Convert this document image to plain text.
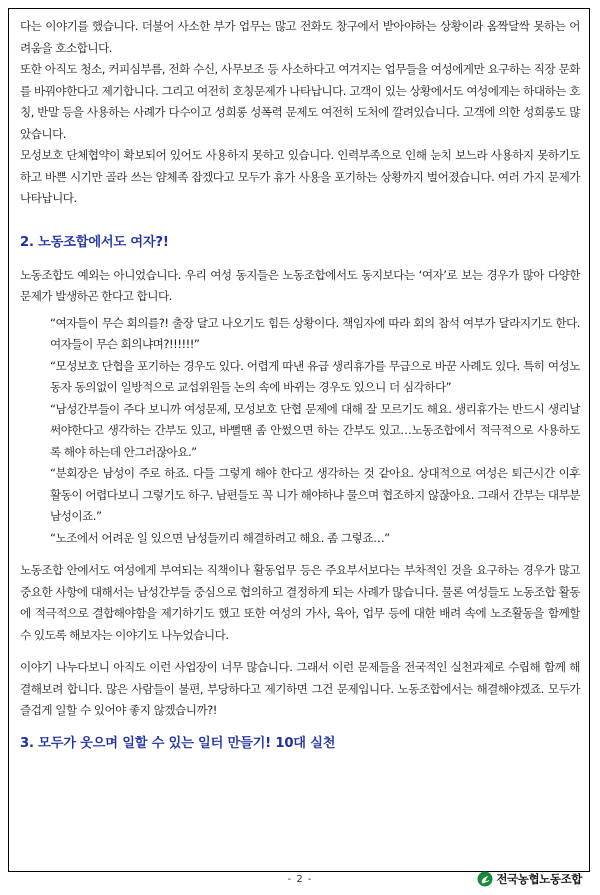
다는 이야기를 했습니다. 더불어 사소한 부가 업무는 많고 전화도 창구에서 받아야하는 상황이라 옴짝달싹 못하는 어려움을 호소합니다.

또한 아직도 청소, 커피심부름, 전화 수신, 사무보조 등 사소하다고 여겨지는 업무들을 여성에게만 요구하는 직장 문화를 바꿔야한다고 제기합니다. 그리고 여전히 호칭문제가 나타납니다. 고객이 있는 상황에서도 여성에게는 하대하는 호칭, 반말 등을 사용하는 사례가 다수이고 성희롱 성폭력 문제도 여전히 도처에 깔려있습니다. 고객에 의한 성희롱도 많았습니다.

모성보호 단체협약이 확보되어 있어도 사용하지 못하고 있습니다. 인력부족으로 인해 눈치 보느라 사용하지 못하기도 하고 바쁜 시기만 골라 쓰는 얌체족 잡겠다고 모두가 휴가 사용을 포기하는 상황까지 벌어졌습니다. 여러 가지 문제가 나타납니다.

2. 노동조합에서도 여자?!

노동조합도 예외는 아니었습니다. 우리 여성 동지들은 노동조합에서도 동지보다는 ‘여자’로 보는 경우가 많아 다양한 문제가 발생하곤 한다고 합니다.

“여자들이 무슨 회의를?! 출장 달고 나오기도 힘든 상황이다. 책임자에 따라 회의 참석 여부가 달라지기도 한다. 여자들이 무슨 회의냐며?!!!!!!”

“모성보호 단협을 포기하는 경우도 있다. 어렵게 따낸 유급 생리휴가를 무급으로 바꾼 사례도 있다. 특히 여성노동자 동의없이 일방적으로 교섭위원들 논의 속에 바뀌는 경우도 있으니 더 심각하다”

“남성간부들이 주다 보니까 여성문제, 모성보호 단협 문제에 대해 잘 모르기도 해요. 생리휴가는 반드시 생리날 써야한다고 생각하는 간부도 있고, 바뻘땐 좀 안썼으면 하는 간부도 있고…노동조합에서 적극적으로 사용하도록 해야 하는데 안그러잖아요.”

“분회장은 남성이 주로 하죠. 다들 그렇게 해야 한다고 생각하는 것 같아요. 상대적으로 여성은 퇴근시간 이후 활동이 어렵다보니 그렇기도 하구. 남편들도 꼭 니가 해야하냐 물으며 협조하지 않잖아요. 그래서 간부는 대부분 남성이죠.”

“노조에서 어려운 일 있으면 남성들끼리 해결하려고 해요. 좀 그렇죠…”

노동조합 안에서도 여성에게 부여되는 직책이나 활동업무 등은 주요부서보다는 부차적인 것을 요구하는 경우가 많고 중요한 사항에 대해서는 남성간부들 중심으로 협의하고 결정하게 되는 사례가 많습니다. 물론 여성들도 노동조합 활동에 적극적으로 결합해야함을 제기하기도 했고 또한 여성의 가사, 육아, 업무 등에 대한 배려 속에 노조활동을 함께할 수 있도록 해보자는 이야기도 나누었습니다.

이야기 나누다보니 아직도 이런 사업장이 너무 많습니다. 그래서 이런 문제들을 전국적인 실천과제로 수립해 함께 해결해보려 합니다. 많은 사람들이 불편, 부당하다고 제기하면 그건 문제입니다. 노동조합에서는 해결해야겠죠. 모두가 즐겁게 일할 수 있어야 좋지 않겠습니까?!

3. 모두가 웃으며 일할 수 있는 일터 만들기! 10대 실천
- 2 -	전국농협노동조합
